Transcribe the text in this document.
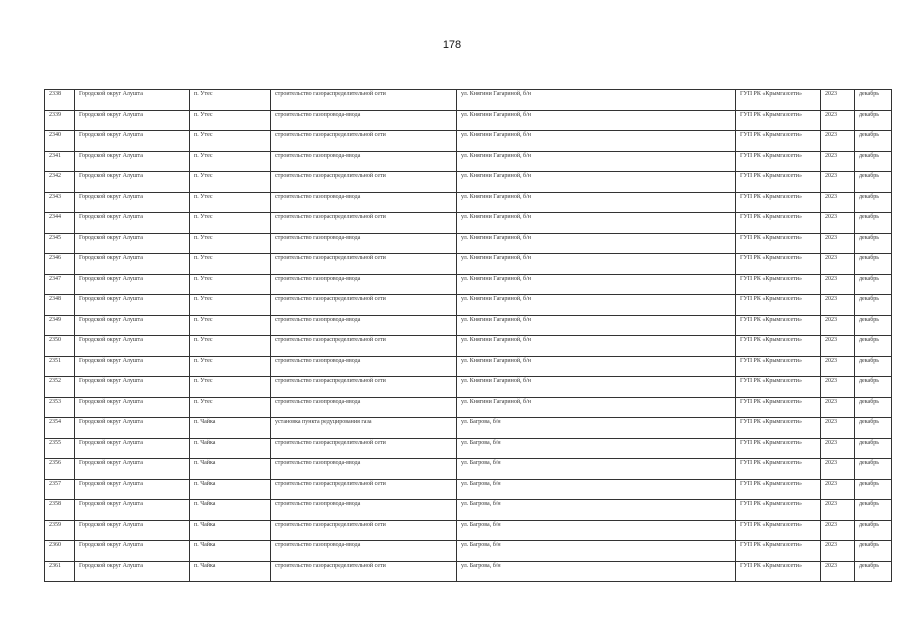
178
2338	Городской округ Алушта	п. Утес	строительство газораспределительной сети	ул. Княгини Гагариной, б/н	ГУП РК «Крымгазсети»	2023	декабрь
2339	Городской округ Алушта	п. Утес	строительство газопровода-ввода	ул. Княгини Гагариной, б/н	ГУП РК «Крымгазсети»	2023	декабрь
2340	Городской округ Алушта	п. Утес	строительство газораспределительной сети	ул. Княгини Гагариной, б/н	ГУП РК «Крымгазсети»	2023	декабрь
2341	Городской округ Алушта	п. Утес	строительство газопровода-ввода	ул. Княгини Гагариной, б/н	ГУП РК «Крымгазсети»	2023	декабрь
2342	Городской округ Алушта	п. Утес	строительство газораспределительной сети	ул. Княгини Гагариной, б/н	ГУП РК «Крымгазсети»	2023	декабрь
2343	Городской округ Алушта	п. Утес	строительство газопровода-ввода	ул. Княгини Гагариной, б/н	ГУП РК «Крымгазсети»	2023	декабрь
2344	Городской округ Алушта	п. Утес	строительство газораспределительной сети	ул. Княгини Гагариной, б/н	ГУП РК «Крымгазсети»	2023	декабрь
2345	Городской округ Алушта	п. Утес	строительство газопровода-ввода	ул. Княгини Гагариной, б/н	ГУП РК «Крымгазсети»	2023	декабрь
2346	Городской округ Алушта	п. Утес	строительство газораспределительной сети	ул. Княгини Гагариной, б/н	ГУП РК «Крымгазсети»	2023	декабрь
2347	Городской округ Алушта	п. Утес	строительство газопровода-ввода	ул. Княгини Гагариной, б/н	ГУП РК «Крымгазсети»	2023	декабрь
2348	Городской округ Алушта	п. Утес	строительство газораспределительной сети	ул. Княгини Гагариной, б/н	ГУП РК «Крымгазсети»	2023	декабрь
2349	Городской округ Алушта	п. Утес	строительство газопровода-ввода	ул. Княгини Гагариной, б/н	ГУП РК «Крымгазсети»	2023	декабрь
2350	Городской округ Алушта	п. Утес	строительство газораспределительной сети	ул. Княгини Гагариной, б/н	ГУП РК «Крымгазсети»	2023	декабрь
2351	Городской округ Алушта	п. Утес	строительство газопровода-ввода	ул. Княгини Гагариной, б/н	ГУП РК «Крымгазсети»	2023	декабрь
2352	Городской округ Алушта	п. Утес	строительство газораспределительной сети	ул. Княгини Гагариной, б/н	ГУП РК «Крымгазсети»	2023	декабрь
2353	Городской округ Алушта	п. Утес	строительство газопровода-ввода	ул. Княгини Гагариной, б/н	ГУП РК «Крымгазсети»	2023	декабрь
2354	Городской округ Алушта	п. Чайка	установка пункта редуцирования газа	ул. Багрова, б/н	ГУП РК «Крымгазсети»	2023	декабрь
2355	Городской округ Алушта	п. Чайка	строительство газораспределительной сети	ул. Багрова, б/н	ГУП РК «Крымгазсети»	2023	декабрь
2356	Городской округ Алушта	п. Чайка	строительство газопровода-ввода	ул. Багрова, б/н	ГУП РК «Крымгазсети»	2023	декабрь
2357	Городской округ Алушта	п. Чайка	строительство газораспределительной сети	ул. Багрова, б/н	ГУП РК «Крымгазсети»	2023	декабрь
2358	Городской округ Алушта	п. Чайка	строительство газопровода-ввода	ул. Багрова, б/н	ГУП РК «Крымгазсети»	2023	декабрь
2359	Городской округ Алушта	п. Чайка	строительство газораспределительной сети	ул. Багрова, б/н	ГУП РК «Крымгазсети»	2023	декабрь
2360	Городской округ Алушта	п. Чайка	строительство газопровода-ввода	ул. Багрова, б/н	ГУП РК «Крымгазсети»	2023	декабрь
2361	Городской округ Алушта	п. Чайка	строительство газораспределительной сети	ул. Багрова, б/н	ГУП РК «Крымгазсети»	2023	декабрь
